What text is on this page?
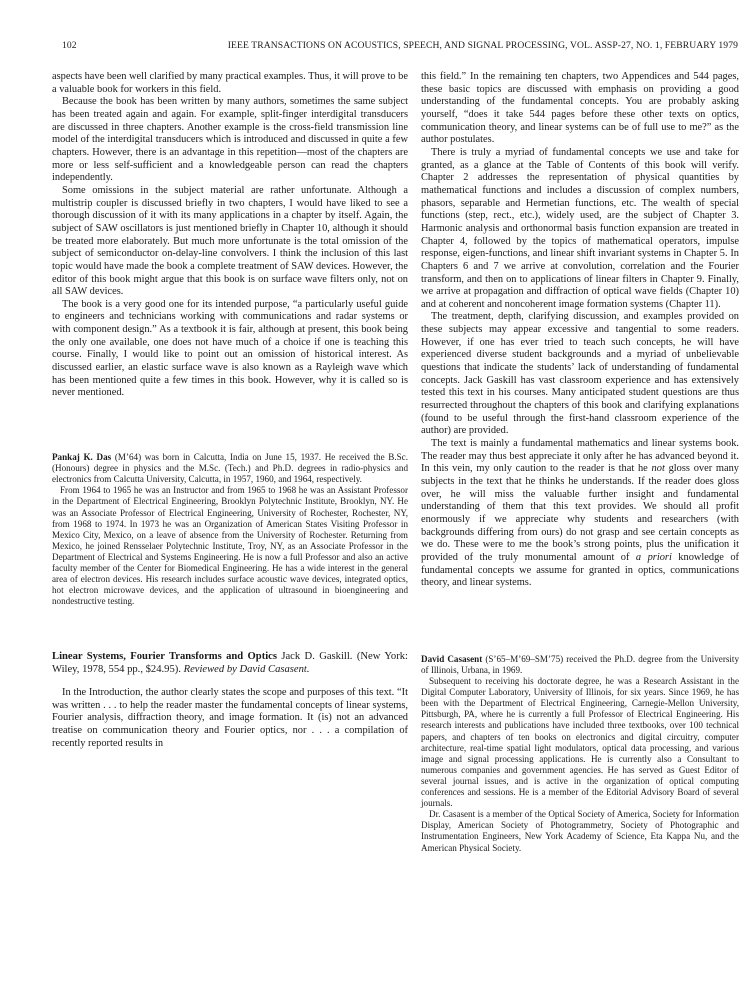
102	IEEE TRANSACTIONS ON ACOUSTICS, SPEECH, AND SIGNAL PROCESSING, VOL. ASSP-27, NO. 1, FEBRUARY 1979

aspects have been well clarified by many practical examples. Thus, it will prove to be a valuable book for workers in this field.

Because the book has been written by many authors, sometimes the same subject has been treated again and again. For example, split-finger interdigital transducers are discussed in three chapters. Another example is the cross-field transmission line model of the interdigital transducers which is introduced and discussed in quite a few chapters. However, there is an advantage in this repetition—most of the chapters are more or less self-sufficient and a knowledgeable person can read the chapters independently.

Some omissions in the subject material are rather unfortunate. Although a multistrip coupler is discussed briefly in two chapters, I would have liked to see a thorough discussion of it with its many applications in a chapter by itself. Again, the subject of SAW oscillators is just mentioned briefly in Chapter 10, although it should be treated more elaborately. But much more unfortunate is the total omission of the subject of semiconductor on-delay-line convolvers. I think the inclusion of this last topic would have made the book a complete treatment of SAW devices. However, the editor of this book might argue that this book is on surface wave filters only, not on all SAW devices.

The book is a very good one for its intended purpose, “a particularly useful guide to engineers and technicians working with communications and radar systems or with component design.” As a textbook it is fair, although at present, this book being the only one available, one does not have much of a choice if one is teaching this course. Finally, I would like to point out an omission of historical interest. As discussed earlier, an elastic surface wave is also known as a Rayleigh wave which has been mentioned quite a few times in this book. However, why it is called so is never mentioned.

Pankaj K. Das (M’64) was born in Calcutta, India on June 15, 1937. He received the B.Sc. (Honours) degree in physics and the M.Sc. (Tech.) and Ph.D. degrees in radio-physics and electronics from Calcutta University, Calcutta, in 1957, 1960, and 1964, respectively.

From 1964 to 1965 he was an Instructor and from 1965 to 1968 he was an Assistant Professor in the Department of Electrical Engineering, Brooklyn Polytechnic Institute, Brooklyn, NY. He was an Associate Professor of Electrical Engineering, University of Rochester, Rochester, NY, from 1968 to 1974. In 1973 he was an Organization of American States Visiting Professor in Mexico City, Mexico, on a leave of absence from the University of Rochester. Returning from Mexico, he joined Rensselaer Polytechnic Institute, Troy, NY, as an Associate Professor in the Department of Electrical and Systems Engineering. He is now a full Professor and also an active faculty member of the Center for Biomedical Engineering. He has a wide interest in the general area of electron devices. His research includes surface acoustic wave devices, integrated optics, hot electron microwave devices, and the application of ultrasound in bioengineering and nondestructive testing.

Linear Systems, Fourier Transforms and Optics Jack D. Gaskill. (New York: Wiley, 1978, 554 pp., $24.95). Reviewed by David Casasent.

In the Introduction, the author clearly states the scope and purposes of this text. “It was written . . . to help the reader master the fundamental concepts of linear systems, Fourier analysis, diffraction theory, and image formation. It (is) not an advanced treatise on communication theory and Fourier optics, nor . . . a compilation of recently reported results in

this field.” In the remaining ten chapters, two Appendices and 544 pages, these basic topics are discussed with emphasis on providing a good understanding of the fundamental concepts. You are probably asking yourself, “does it take 544 pages before these other texts on optics, communication theory, and linear systems can be of full use to me?” as the author postulates.

There is truly a myriad of fundamental concepts we use and take for granted, as a glance at the Table of Contents of this book will verify. Chapter 2 addresses the representation of physical quantities by mathematical functions and includes a discussion of complex numbers, phasors, separable and Hermetian functions, etc. The wealth of special functions (step, rect., etc.), widely used, are the subject of Chapter 3. Harmonic analysis and orthonormal basis function expansion are treated in Chapter 4, followed by the topics of mathematical operators, impulse response, eigen-functions, and linear shift invariant systems in Chapter 5. In Chapters 6 and 7 we arrive at convolution, correlation and the Fourier transform, and then on to applications of linear filters in Chapter 9. Finally, we arrive at propagation and diffraction of optical wave fields (Chapter 10) and at coherent and noncoherent image formation systems (Chapter 11).

The treatment, depth, clarifying discussion, and examples provided on these subjects may appear excessive and tangential to some readers. However, if one has ever tried to teach such concepts, he will have experienced diverse student backgrounds and a myriad of unbelievable questions that indicate the students’ lack of understanding of fundamental concepts. Jack Gaskill has vast classroom experience and has extensively tested this text in his courses. Many anticipated student questions are thus resurrected throughout the chapters of this book and clarifying explanations (found to be useful through the first-hand classroom experience of the author) are provided.

The text is mainly a fundamental mathematics and linear systems book. The reader may thus best appreciate it only after he has advanced beyond it. In this vein, my only caution to the reader is that he not gloss over many subjects in the text that he thinks he understands. If the reader does gloss over, he will miss the valuable further insight and fundamental understanding of them that this text provides. We should all profit enormously if we appreciate why students and researchers (with backgrounds differing from ours) do not grasp and see certain concepts as we do. These were to me the book’s strong points, plus the unification it provided of the truly monumental amount of a priori knowledge of fundamental concepts we assume for granted in optics, communications theory, and linear systems.

David Casasent (S’65–M’69–SM’75) received the Ph.D. degree from the University of Illinois, Urbana, in 1969.

Subsequent to receiving his doctorate degree, he was a Research Assistant in the Digital Computer Laboratory, University of Illinois, for six years. Since 1969, he has been with the Department of Electrical Engineering, Carnegie-Mellon University, Pittsburgh, PA, where he is currently a full Professor of Electrical Engineering. His research interests and publications have included three textbooks, over 100 technical papers, and chapters of ten books on electronics and digital circuitry, computer architecture, real-time spatial light modulators, optical data processing, and various image and signal processing applications. He is currently also a Consultant to numerous companies and government agencies. He has served as Guest Editor of several journal issues, and is active in the organization of optical computing conferences and sessions. He is a member of the Editorial Advisory Board of several journals.

Dr. Casasent is a member of the Optical Society of America, Society for Information Display, American Society of Photogrammetry, Society of Photographic and Instrumentation Engineers, New York Academy of Science, Eta Kappa Nu, and the American Physical Society.
